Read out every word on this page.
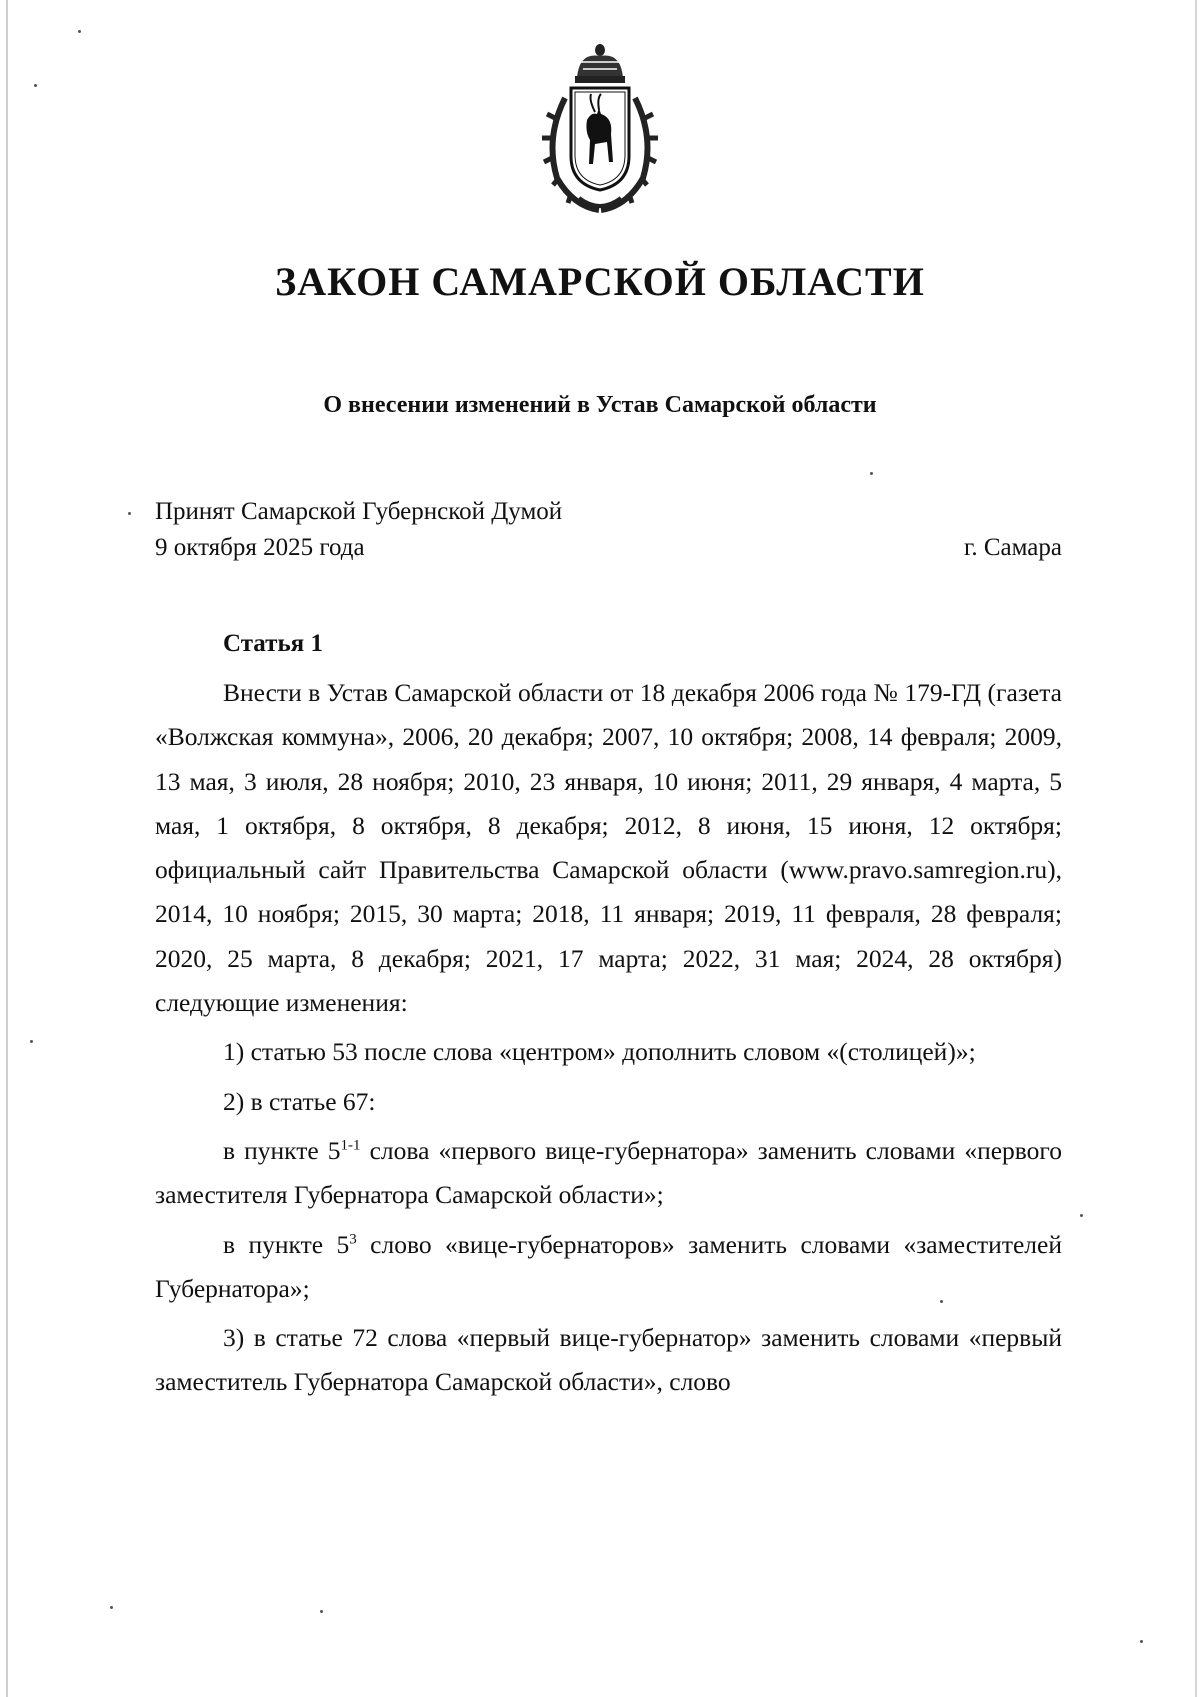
ЗАКОН САМАРСКОЙ ОБЛАСТИ
О внесении изменений в Устав Самарской области
Принят Самарской Губернской Думой
9 октября 2025 года	г. Самара
Статья 1

Внести в Устав Самарской области от 18 декабря 2006 года № 179-ГД (газета «Волжская коммуна», 2006, 20 декабря; 2007, 10 октября; 2008, 14 февраля; 2009, 13 мая, 3 июля, 28 ноября; 2010, 23 января, 10 июня; 2011, 29 января, 4 марта, 5 мая, 1 октября, 8 октября, 8 декабря; 2012, 8 июня, 15 июня, 12 октября; официальный сайт Правительства Самарской области (www.pravo.samregion.ru), 2014, 10 ноября; 2015, 30 марта; 2018, 11 января; 2019, 11 февраля, 28 февраля; 2020, 25 марта, 8 декабря; 2021, 17 марта; 2022, 31 мая; 2024, 28 октября) следующие изменения:

1) статью 53 после слова «центром» дополнить словом «(столицей)»;

2) в статье 67:

в пункте 5$^{1-1}$ слова «первого вице-губернатора» заменить словами «первого заместителя Губернатора Самарской области»;

в пункте $5^3$ слово «вице-губернаторов» заменить словами «заместителей Губернатора»;

3) в статье 72 слова «первый вице-губернатор» заменить словами «первый заместитель Губернатора Самарской области», слово
